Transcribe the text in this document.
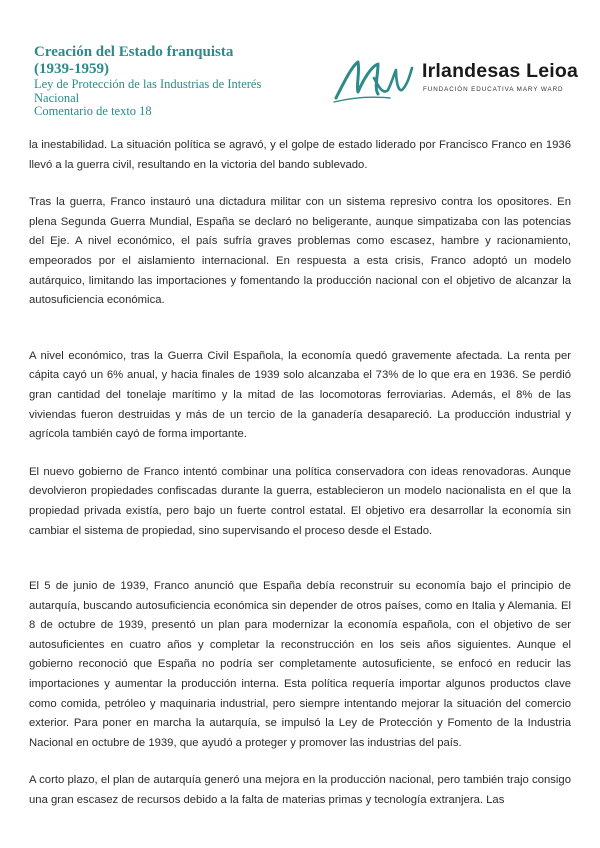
Creación del Estado franquista

(1939-1959)

Ley de Protección de las Industrias de Interés

Nacional

Comentario de texto 18

Irlandesas Leioa
FUNDACIÓN EDUCATIVA MARY WARD

la inestabilidad. La situación política se agravó, y el golpe de estado liderado por Francisco Franco en 1936 llevó a la guerra civil, resultando en la victoria del bando sublevado.

Tras la guerra, Franco instauró una dictadura militar con un sistema represivo contra los opositores. En plena Segunda Guerra Mundial, España se declaró no beligerante, aunque simpatizaba con las potencias del Eje. A nivel económico, el país sufría graves problemas como escasez, hambre y racionamiento, empeorados por el aislamiento internacional. En respuesta a esta crisis, Franco adoptó un modelo autárquico, limitando las importaciones y fomentando la producción nacional con el objetivo de alcanzar la autosuficiencia económica.

A nivel económico, tras la Guerra Civil Española, la economía quedó gravemente afectada. La renta per cápita cayó un 6% anual, y hacia finales de 1939 solo alcanzaba el 73% de lo que era en 1936. Se perdió gran cantidad del tonelaje marítimo y la mitad de las locomotoras ferroviarias. Además, el 8% de las viviendas fueron destruidas y más de un tercio de la ganadería desapareció. La producción industrial y agrícola también cayó de forma importante.

El nuevo gobierno de Franco intentó combinar una política conservadora con ideas renovadoras. Aunque devolvieron propiedades confiscadas durante la guerra, establecieron un modelo nacionalista en el que la propiedad privada existía, pero bajo un fuerte control estatal. El objetivo era desarrollar la economía sin cambiar el sistema de propiedad, sino supervisando el proceso desde el Estado.

El 5 de junio de 1939, Franco anunció que España debía reconstruir su economía bajo el principio de autarquía, buscando autosuficiencia económica sin depender de otros países, como en Italia y Alemania. El 8 de octubre de 1939, presentó un plan para modernizar la economía española, con el objetivo de ser autosuficientes en cuatro años y completar la reconstrucción en los seis años siguientes. Aunque el gobierno reconoció que España no podría ser completamente autosuficiente, se enfocó en reducir las importaciones y aumentar la producción interna. Esta política requería importar algunos productos clave como comida, petróleo y maquinaria industrial, pero siempre intentando mejorar la situación del comercio exterior. Para poner en marcha la autarquía, se impulsó la Ley de Protección y Fomento de la Industria Nacional en octubre de 1939, que ayudó a proteger y promover las industrias del país.

A corto plazo, el plan de autarquía generó una mejora en la producción nacional, pero también trajo consigo una gran escasez de recursos debido a la falta de materias primas y tecnología extranjera. Las
